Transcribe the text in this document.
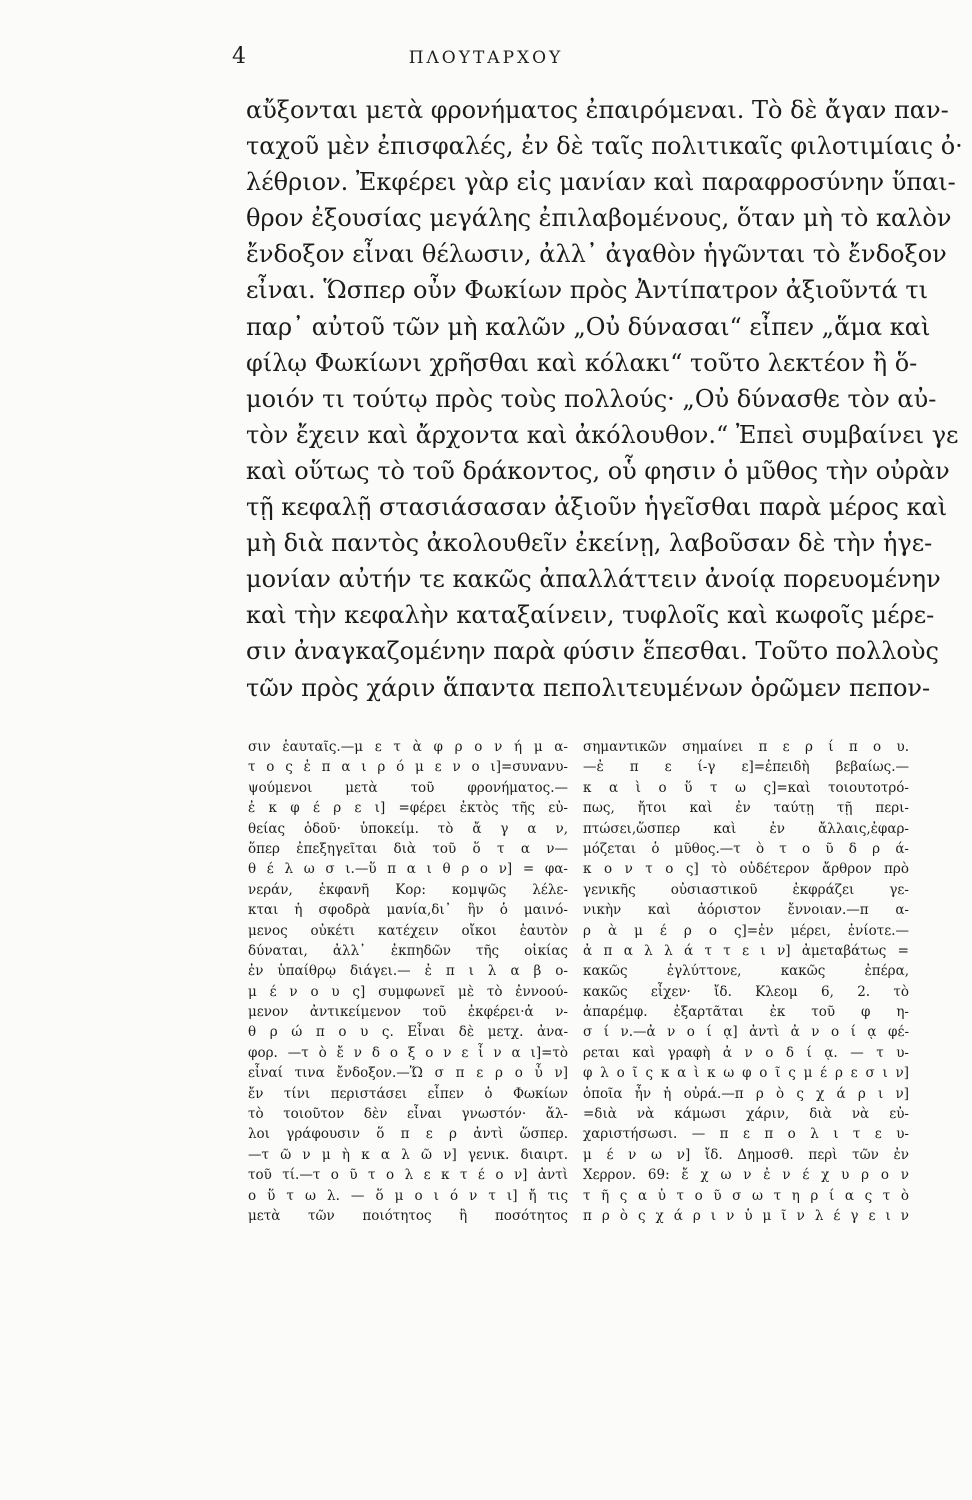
4	ΠΛΟΥΤΑΡΧΟΥ
αὔξονται μετὰ φρονήματος ἐπαιρόμεναι. Τὸ δὲ ἄγαν παν-
ταχοῦ μὲν ἐπισφαλές, ἐν δὲ ταῖς πολιτικαῖς φιλοτιμίαις ὀ·
λέθριον. Ἐκφέρει γὰρ εἰς μανίαν καὶ παραφροσύνην ὕπαι-
θρον ἐξουσίας μεγάλης ἐπιλαβομένους, ὅταν μὴ τὸ καλὸν
ἔνδοξον εἶναι θέλωσιν, ἀλλ᾽ ἀγαθὸν ἡγῶνται τὸ ἔνδοξον
εἶναι. Ὥσπερ οὖν Φωκίων πρὸς Ἀντίπατρον ἀξιοῦντά τι
παρ᾽ αὐτοῦ τῶν μὴ καλῶν „Οὐ δύνασαι“ εἶπεν „ἅμα καὶ
φίλῳ Φωκίωνι χρῆσθαι καὶ κόλακι“ τοῦτο λεκτέον ἢ ὅ-
μοιόν τι τούτῳ πρὸς τοὺς πολλούς· „Οὐ δύνασθε τὸν αὐ-
τὸν ἔχειν καὶ ἄρχοντα καὶ ἀκόλουθον.“ Ἐπεὶ συμβαίνει γε
καὶ οὕτως τὸ τοῦ δράκοντος, οὗ φησιν ὁ μῦθος τὴν οὐρὰν
τῇ κεφαλῇ στασιάσασαν ἀξιοῦν ἡγεῖσθαι παρὰ μέρος καὶ
μὴ διὰ παντὸς ἀκολουθεῖν ἐκείνῃ, λαβοῦσαν δὲ τὴν ἡγε-
μονίαν αὐτήν τε κακῶς ἀπαλλάττειν ἀνοίᾳ πορευομένην
καὶ τὴν κεφαλὴν καταξαίνειν, τυφλοῖς καὶ κωφοῖς μέρε-
σιν ἀναγκαζομένην παρὰ φύσιν ἕπεσθαι. Τοῦτο πολλοὺς
τῶν πρὸς χάριν ἅπαντα πεπολιτευμένων ὁρῶμεν πεπον-
σιν ἑαυταῖς.—μ ε τ ὰ φ ρ ο ν ή μ α-
τ ο ς ἐ π α ι ρ ό μ ε ν ο ι]=συνανυ-
ψούμενοι μετὰ τοῦ φρονήματος.—
ἐ κ φ έ ρ ε ι] =φέρει ἐκτὸς τῆς εὐ-
θείας ὁδοῦ· ὑποκείμ. τὸ ἄ γ α ν,
ὅπερ ἐπεξηγεῖται διὰ τοῦ ὅ τ α ν—
θ έ λ ω σ ι.—ὕ π α ι θ ρ ο ν] = φα-
νεράν, ἐκφανῆ Κορ: κομψῶς λέλε-
κται ἡ σφοδρὰ μανία,δι᾽ ἣν ὁ μαινό-
μενος οὐκέτι κατέχειν οἴκοι ἑαυτὸν
δύναται, ἀλλ᾽ ἐκπηδῶν τῆς οἰκίας
ἐν ὑπαίθρῳ διάγει.— ἐ π ι λ α β ο-
μ έ ν ο υ ς] συμφωνεῖ μὲ τὸ ἐννοού-
μενον ἀντικείμενον τοῦ ἐκφέρει·ἀ ν-
θ ρ ώ π ο υ ς. Εἶναι δὲ μετχ. ἀνα-
φορ. —τ ὸ ἔ ν δ ο ξ ο ν ε ἶ ν α ι]=τὸ
εἶναί τινα ἔνδοξον.—Ὥ σ π ε ρ ο ὖ ν]
ἔν τίνι περιστάσει εἶπεν ὁ Φωκίων
τὸ τοιοῦτον δὲν εἶναι γνωστόν· ἄλ-
λοι γράφουσιν ὅ π ε ρ ἀντὶ ὥσπερ.
—τ ῶ ν μ ὴ κ α λ ῶ ν] γενικ. διαιρτ.
τοῦ τί.—τ ο ῦ τ ο λ ε κ τ έ ο ν] ἀντὶ
ο ὕ τ ω λ. — ὅ μ ο ι ό ν τ ι] ἤ τις
μετὰ τῶν ποιότητος ἢ ποσότητος
σημαντικῶν σημαίνει π ε ρ ί π ο υ.
—ἐ π ε ί-γ ε]=ἐπειδὴ βεβαίως.—
κ α ὶ ο ὕ τ ω ς]=καὶ τοιουτοτρό-
πως, ἤτοι καὶ ἐν ταύτῃ τῇ περι-
πτώσει,ὥσπερ καὶ ἐν ἄλλαις,ἐφαρ-
μόζεται ὁ μῦθος.—τ ὸ τ ο ῦ δ ρ ά-
κ ο ν τ ο ς] τὸ οὐδέτερον ἄρθρον πρὸ
γενικῆς οὐσιαστικοῦ ἐκφράζει γε-
νικὴν καὶ ἀόριστον ἔννοιαν.—π α-
ρ ὰ μ έ ρ ο ς]=ἐν μέρει, ἐνίοτε.—
ἀ π α λ λ ά τ τ ε ι ν] ἀμεταβάτως =
κακῶς ἐγλύττονε, κακῶς ἐπέρα,
κακῶς εἶχεν· ἴδ. Κλεομ 6, 2. τὸ
ἀπαρέμφ. ἐξαρτᾶται ἐκ τοῦ φ η-
σ ί ν.—ἀ ν ο ί ᾳ] ἀντὶ ἀ ν ο ί ᾳ φέ-
ρεται καὶ γραφὴ ἀ ν ο δ ί ᾳ. — τ υ-
φ λ ο ῖ ς κ α ὶ κ ω φ ο ῖ ς μ έ ρ ε σ ι ν]
ὁποῖα ἦν ἡ οὐρά.—π ρ ὸ ς χ ά ρ ι ν]
=διὰ νὰ κάμωσι χάριν, διὰ νὰ εὐ-
χαριστήσωσι. — π ε π ο λ ι τ ε υ-
μ έ ν ω ν] ἴδ. Δημοσθ. περὶ τῶν ἐν
Χερρον. 69: ἔ χ ω ν ἐ ν έ χ υ ρ ο ν
τ ῆ ς α ὐ τ ο ῦ σ ω τ η ρ ί α ς τ ὸ
π ρ ὸ ς χ ά ρ ι ν ὑ μ ῖ ν λ έ γ ε ι ν
